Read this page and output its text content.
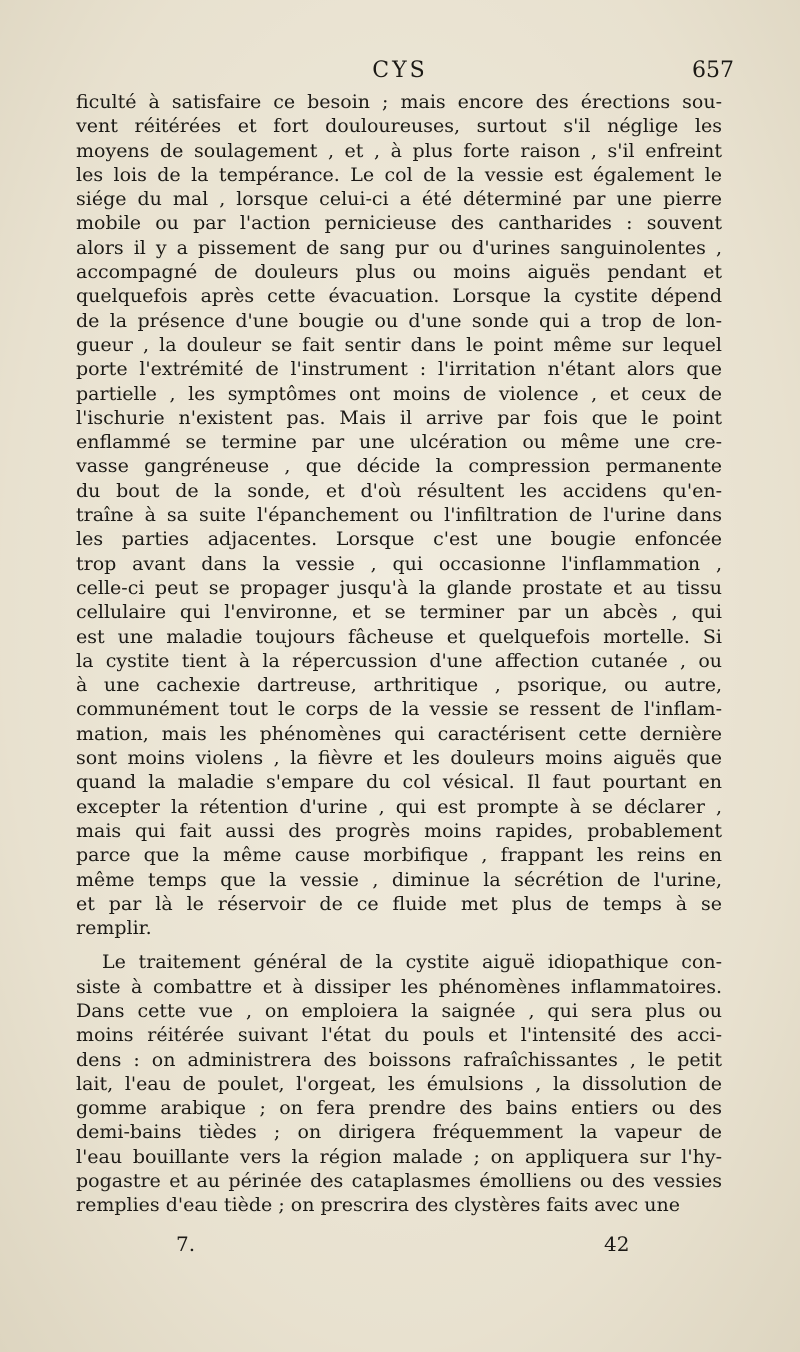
CYS	657
ficulté à satisfaire ce besoin ; mais encore des érections sou-
vent réitérées et fort douloureuses, surtout s'il néglige les
moyens de soulagement , et , à plus forte raison , s'il enfreint
les lois de la tempérance. Le col de la vessie est également le
siége du mal , lorsque celui-ci a été déterminé par une pierre
mobile ou par l'action pernicieuse des cantharides : souvent
alors il y a pissement de sang pur ou d'urines sanguinolentes ,
accompagné de douleurs plus ou moins aiguës pendant et
quelquefois après cette évacuation. Lorsque la cystite dépend
de la présence d'une bougie ou d'une sonde qui a trop de lon-
gueur , la douleur se fait sentir dans le point même sur lequel
porte l'extrémité de l'instrument : l'irritation n'étant alors que
partielle , les symptômes ont moins de violence , et ceux de
l'ischurie n'existent pas. Mais il arrive par fois que le point
enflammé se termine par une ulcération ou même une cre-
vasse gangréneuse , que décide la compression permanente
du bout de la sonde, et d'où résultent les accidens qu'en-
traîne à sa suite l'épanchement ou l'infiltration de l'urine dans
les parties adjacentes. Lorsque c'est une bougie enfoncée
trop avant dans la vessie , qui occasionne l'inflammation ,
celle-ci peut se propager jusqu'à la glande prostate et au tissu
cellulaire qui l'environne, et se terminer par un abcès , qui
est une maladie toujours fâcheuse et quelquefois mortelle. Si
la cystite tient à la répercussion d'une affection cutanée , ou
à une cachexie dartreuse, arthritique , psorique, ou autre,
communément tout le corps de la vessie se ressent de l'inflam-
mation, mais les phénomènes qui caractérisent cette dernière
sont moins violens , la fièvre et les douleurs moins aiguës que
quand la maladie s'empare du col vésical. Il faut pourtant en
excepter la rétention d'urine , qui est prompte à se déclarer ,
mais qui fait aussi des progrès moins rapides, probablement
parce que la même cause morbifique , frappant les reins en
même temps que la vessie , diminue la sécrétion de l'urine,
et par là le réservoir de ce fluide met plus de temps à se
remplir.
Le traitement général de la cystite aiguë idiopathique con-
siste à combattre et à dissiper les phénomènes inflammatoires.
Dans cette vue , on emploiera la saignée , qui sera plus ou
moins réitérée suivant l'état du pouls et l'intensité des acci-
dens : on administrera des boissons rafraîchissantes , le petit
lait, l'eau de poulet, l'orgeat, les émulsions , la dissolution de
gomme arabique ; on fera prendre des bains entiers ou des
demi-bains tièdes ; on dirigera fréquemment la vapeur de
l'eau bouillante vers la région malade ; on appliquera sur l'hy-
pogastre et au périnée des cataplasmes émolliens ou des vessies
remplies d'eau tiède ; on prescrira des clystères faits avec une
7.	42
